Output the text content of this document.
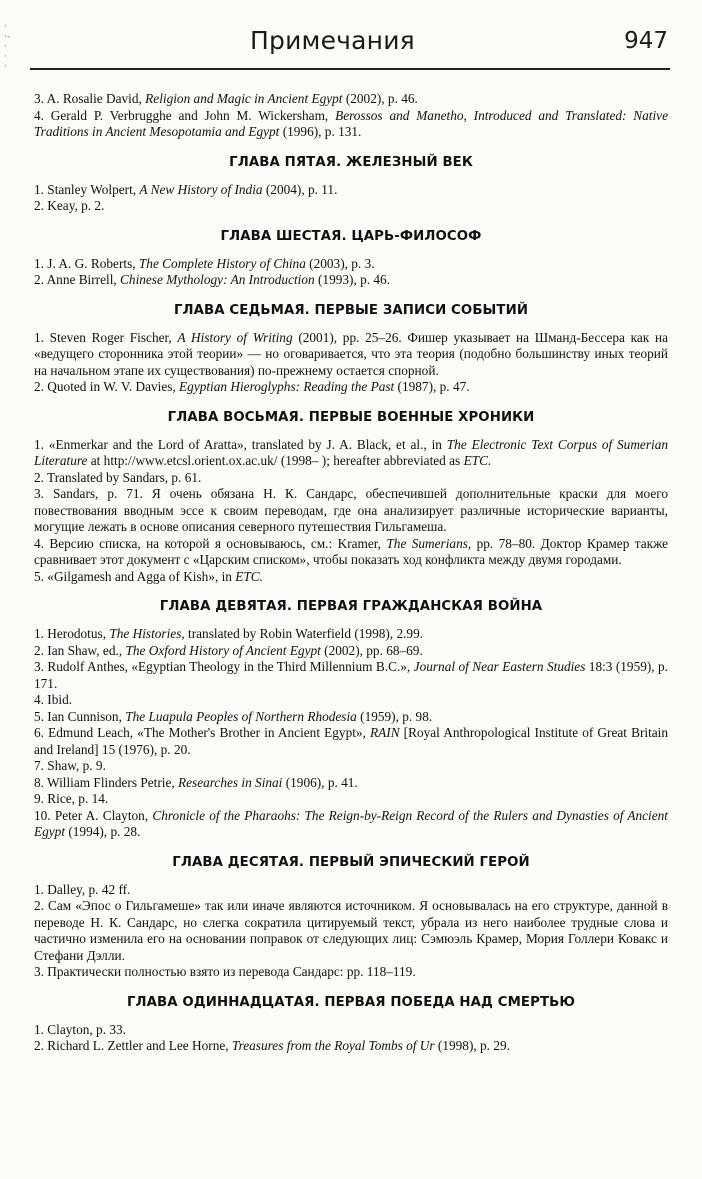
·
·-
·
·
·
Примечания	947

3. A. Rosalie David, Religion and Magic in Ancient Egypt (2002), p. 46.

4. Gerald P. Verbrugghe and John M. Wickersham, Berossos and Manetho, Introduced and Translated: Native Traditions in Ancient Mesopotamia and Egypt (1996), p. 131.

ГЛАВА ПЯТАЯ. ЖЕЛЕЗНЫЙ ВЕК

1. Stanley Wolpert, A New History of India (2004), p. 11.

2. Keay, p. 2.

ГЛАВА ШЕСТАЯ. ЦАРЬ-ФИЛОСОФ

1. J. A. G. Roberts, The Complete History of China (2003), p. 3.

2. Anne Birrell, Chinese Mythology: An Introduction (1993), p. 46.

ГЛАВА СЕДЬМАЯ. ПЕРВЫЕ ЗАПИСИ СОБЫТИЙ

1. Steven Roger Fischer, A History of Writing (2001), pp. 25–26. Фишер указывает на Шманд-Бессера как на «ведущего сторонника этой теории» — но оговаривается, что эта теория (подобно большинству иных теорий на начальном этапе их существования) по-прежнему остается спорной.

2. Quoted in W. V. Davies, Egyptian Hieroglyphs: Reading the Past (1987), p. 47.

ГЛАВА ВОСЬМАЯ. ПЕРВЫЕ ВОЕННЫЕ ХРОНИКИ

1. «Enmerkar and the Lord of Aratta», translated by J. A. Black, et al., in The Electronic Text Corpus of Sumerian Literature at http://www.etcsl.orient.ox.ac.uk/ (1998– ); hereafter abbreviated as ETC.

2. Translated by Sandars, p. 61.

3. Sandars, p. 71. Я очень обязана Н. К. Сандарс, обеспечившей дополнительные краски для моего повествования вводным эссе к своим переводам, где она анализирует различные исторические варианты, могущие лежать в основе описания северного путешествия Гильгамеша.

4. Версию списка, на которой я основываюсь, см.: Kramer, The Sumerians, pp. 78–80. Доктор Крамер также сравнивает этот документ с «Царским списком», чтобы показать ход конфликта между двумя городами.

5. «Gilgamesh and Agga of Kish», in ETC.

ГЛАВА ДЕВЯТАЯ. ПЕРВАЯ ГРАЖДАНСКАЯ ВОЙНА

1. Herodotus, The Histories, translated by Robin Waterfield (1998), 2.99.

2. Ian Shaw, ed., The Oxford History of Ancient Egypt (2002), pp. 68–69.

3. Rudolf Anthes, «Egyptian Theology in the Third Millennium B.C.», Journal of Near Eastern Studies 18:3 (1959), p. 171.

4. Ibid.

5. Ian Cunnison, The Luapula Peoples of Northern Rhodesia (1959), p. 98.

6. Edmund Leach, «The Mother's Brother in Ancient Egypt», RAIN [Royal Anthropological Institute of Great Britain and Ireland] 15 (1976), p. 20.

7. Shaw, p. 9.

8. William Flinders Petrie, Researches in Sinai (1906), p. 41.

9. Rice, p. 14.

10. Peter A. Clayton, Chronicle of the Pharaohs: The Reign-by-Reign Record of the Rulers and Dynasties of Ancient Egypt (1994), p. 28.

ГЛАВА ДЕСЯТАЯ. ПЕРВЫЙ ЭПИЧЕСКИЙ ГЕРОЙ

1. Dalley, p. 42 ff.

2. Сам «Эпос о Гильгамеше» так или иначе являются источником. Я основывалась на его структуре, данной в переводе Н. К. Сандарс, но слегка сократила цитируемый текст, убрала из него наиболее трудные слова и частично изменила его на основании поправок от следующих лиц: Сэмюэль Крамер, Мория Голлери Ковакс и Стефани Дэлли.

3. Практически полностью взято из перевода Сандарс: pp. 118–119.

ГЛАВА ОДИННАДЦАТАЯ. ПЕРВАЯ ПОБЕДА НАД СМЕРТЬЮ

1. Clayton, p. 33.

2. Richard L. Zettler and Lee Horne, Treasures from the Royal Tombs of Ur (1998), p. 29.
